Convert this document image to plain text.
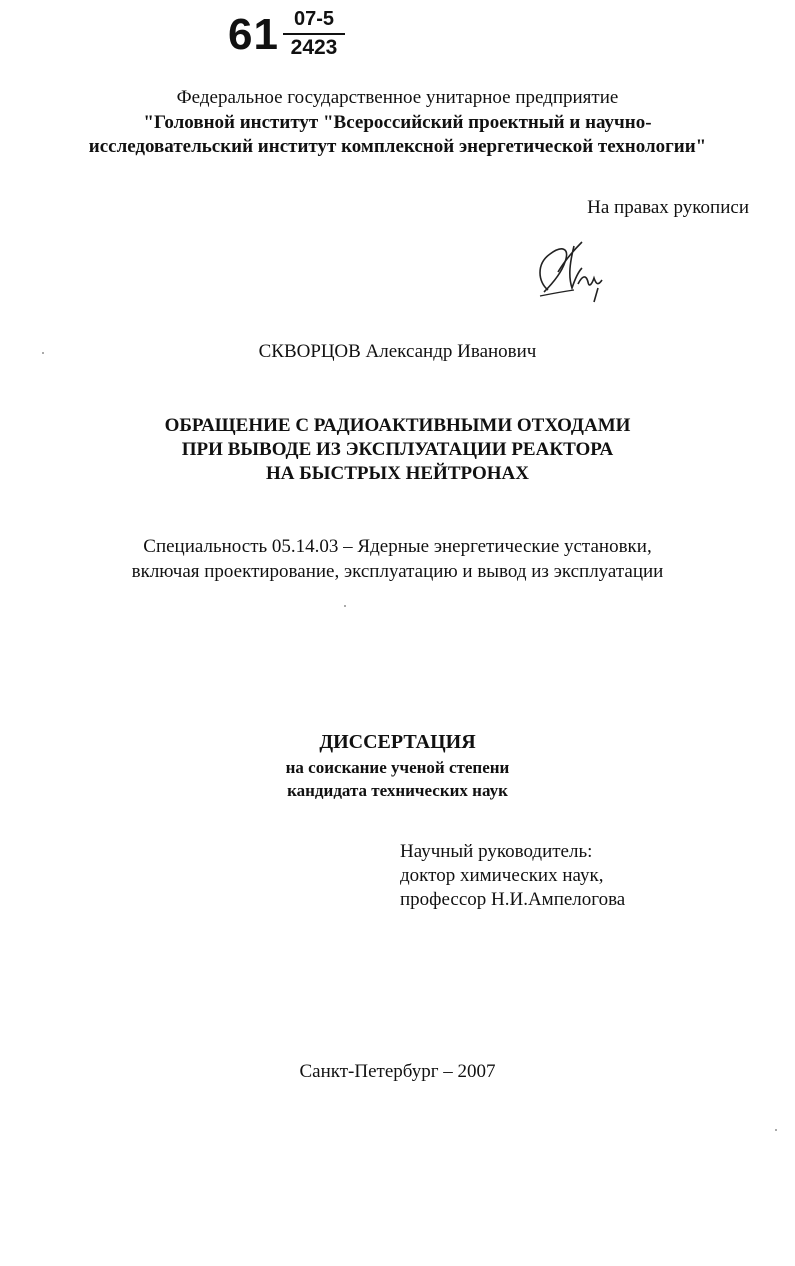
61 07-5
2423
Федеральное государственное унитарное предприятие
"Головной институт "Всероссийский проектный и научно-
исследовательский институт комплексной энергетической технологии"
На правах рукописи
СКВОРЦОВ Александр Иванович
ОБРАЩЕНИЕ С РАДИОАКТИВНЫМИ ОТХОДАМИ
ПРИ ВЫВОДЕ ИЗ ЭКСПЛУАТАЦИИ РЕАКТОРА
НА БЫСТРЫХ НЕЙТРОНАХ
Специальность 05.14.03 – Ядерные энергетические установки,
включая проектирование, эксплуатацию и вывод из эксплуатации
ДИССЕРТАЦИЯ
на соискание ученой степени
кандидата технических наук
Научный руководитель:
доктор химических наук,
профессор Н.И.Ампелогова
Санкт-Петербург – 2007
